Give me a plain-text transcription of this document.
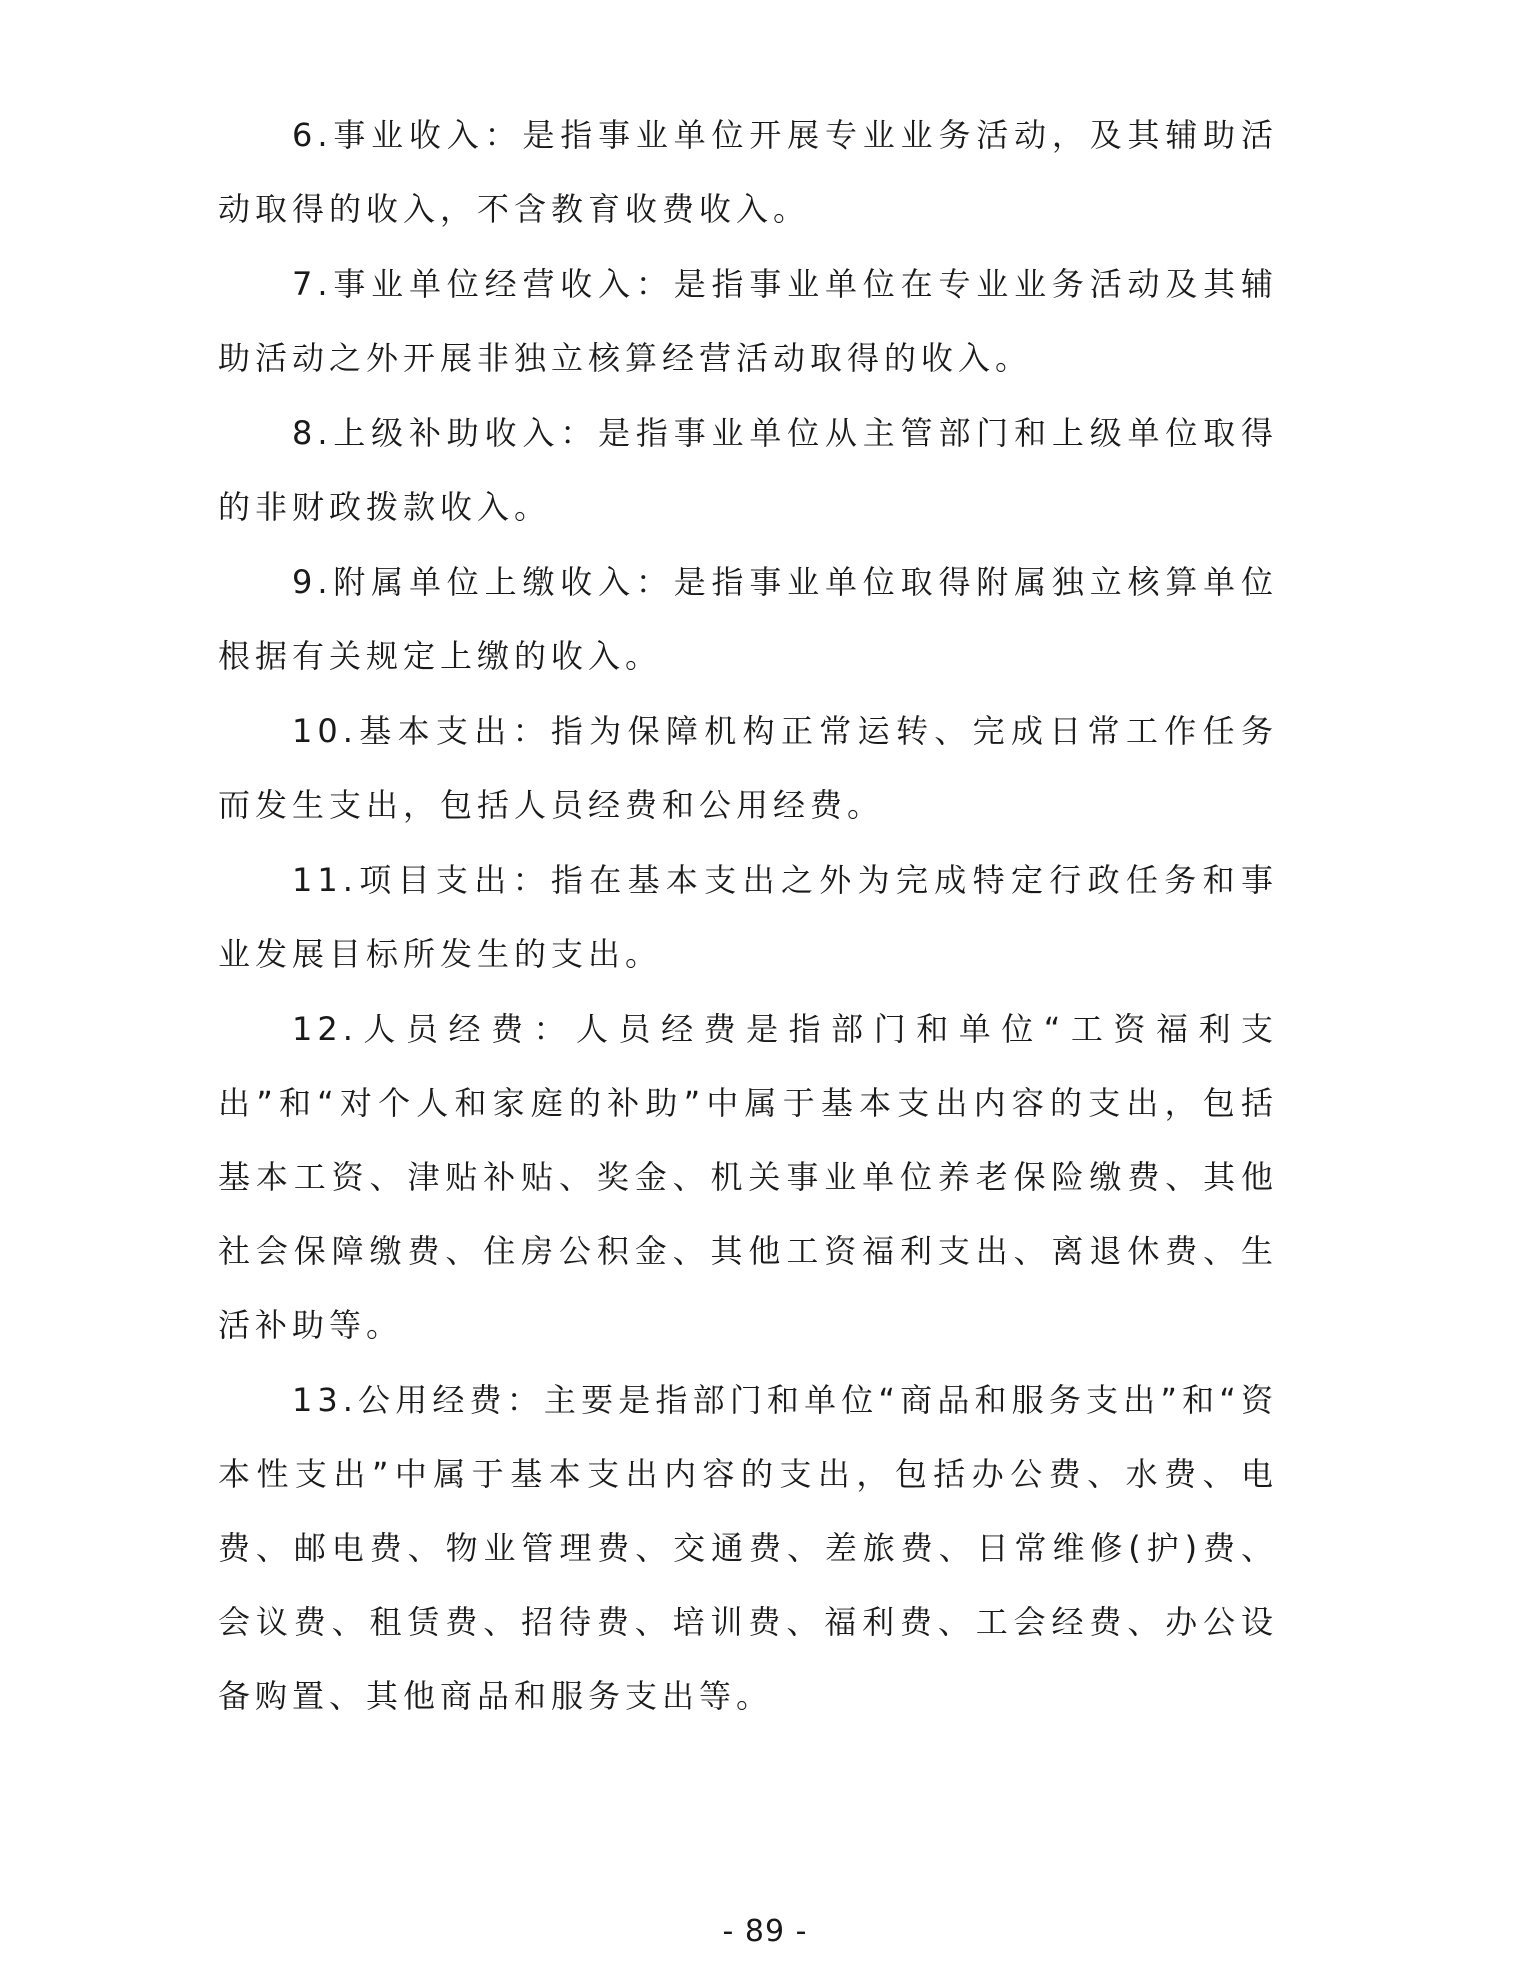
6.事业收入：是指事业单位开展专业业务活动，及其辅助活动取得的收入，不含教育收费收入。

7.事业单位经营收入：是指事业单位在专业业务活动及其辅助活动之外开展非独立核算经营活动取得的收入。

8.上级补助收入：是指事业单位从主管部门和上级单位取得的非财政拨款收入。

9.附属单位上缴收入：是指事业单位取得附属独立核算单位根据有关规定上缴的收入。

10.基本支出：指为保障机构正常运转、完成日常工作任务而发生支出，包括人员经费和公用经费。

11.项目支出：指在基本支出之外为完成特定行政任务和事业发展目标所发生的支出。

12.人员经费：人员经费是指部门和单位“工资福利支出”和“对个人和家庭的补助”中属于基本支出内容的支出，包括基本工资、津贴补贴、奖金、机关事业单位养老保险缴费、其他社会保障缴费、住房公积金、其他工资福利支出、离退休费、生活补助等。

13.公用经费：主要是指部门和单位“商品和服务支出”和“资本性支出”中属于基本支出内容的支出，包括办公费、水费、电费、邮电费、物业管理费、交通费、差旅费、日常维修(护)费、会议费、租赁费、招待费、培训费、福利费、工会经费、办公设备购置、其他商品和服务支出等。

- 89 -
